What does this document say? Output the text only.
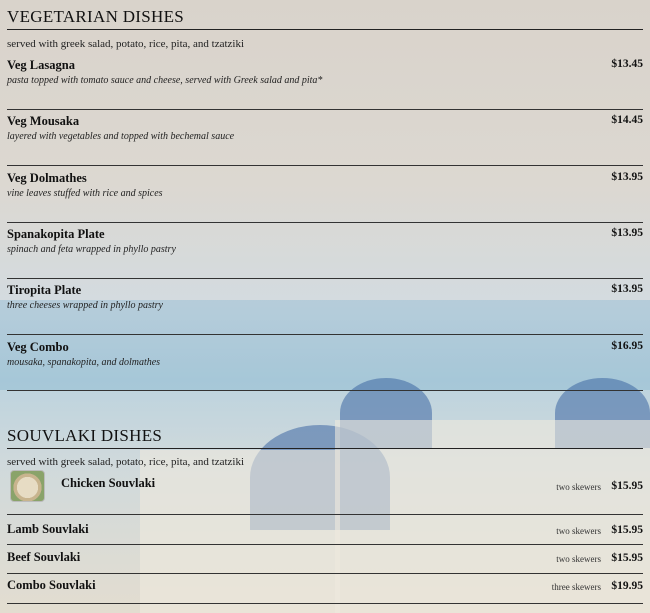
VEGETARIAN DISHES
served with greek salad, potato, rice, pita, and tzatziki
Veg Lasagna
pasta topped with tomato sauce and cheese, served with Greek salad and pita*
$13.45
Veg Mousaka
layered with vegetables and topped with bechemal sauce
$14.45
Veg Dolmathes
vine leaves stuffed with rice and spices
$13.95
Spanakopita Plate
spinach and feta wrapped in phyllo pastry
$13.95
Tiropita Plate
three cheeses wrapped in phyllo pastry
$13.95
Veg Combo
mousaka, spanakopita, and dolmathes
$16.95
SOUVLAKI DISHES
served with greek salad, potato, rice, pita, and tzatziki
Chicken Souvlaki	two skewers $15.95
Lamb Souvlaki	two skewers $15.95
Beef Souvlaki	two skewers $15.95
Combo Souvlaki	three skewers $19.95
